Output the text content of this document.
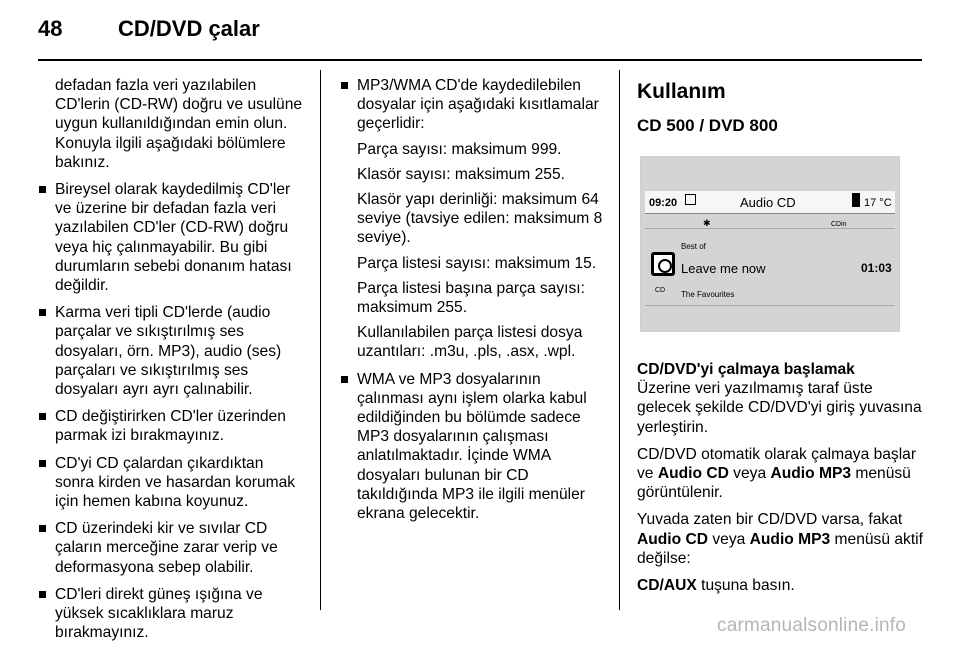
48	CD/DVD çalar

defadan fazla veri yazılabilen CD'lerin (CD-RW) doğru ve usulüne uygun kullanıldığından emin olun. Konuyla ilgili aşağıdaki bölümlere bakınız.

Bireysel olarak kaydedilmiş CD'ler ve üzerine bir defadan fazla veri yazılabilen CD'ler (CD-RW) doğru veya hiç çalınmayabilir. Bu gibi durumların sebebi donanım hatası değildir.
Karma veri tipli CD'lerde (audio parçalar ve sıkıştırılmış ses dosyaları, örn. MP3), audio (ses) parçaları ve sıkıştırılmış ses dosyaları ayrı ayrı çalınabilir.
CD değiştirirken CD'ler üzerinden parmak izi bırakmayınız.
CD'yi CD çalardan çıkardıktan sonra kirden ve hasardan korumak için hemen kabına koyunuz.
CD üzerindeki kir ve sıvılar CD çaların merceğine zarar verip ve deformasyona sebep olabilir.
CD'leri direkt güneş ışığına ve yüksek sıcaklıklara maruz bırakmayınız.

MP3/WMA CD'de kaydedilebilen dosyalar için aşağıdaki kısıtlamalar geçerlidir:

Parça sayısı: maksimum 999.

Klasör sayısı: maksimum 255.

Klasör yapı derinliği: maksimum 64 seviye (tavsiye edilen: maksimum 8 seviye).

Parça listesi sayısı: maksimum 15.

Parça listesi başına parça sayısı: maksimum 255.

Kullanılabilen parça listesi dosya uzantıları: .m3u, .pls, .asx, .wpl.

WMA ve MP3 dosyalarının çalınması aynı işlem olarka kabul edildiğinden bu bölümde sadece MP3 dosyalarının çalışması anlatılmaktadır. İçinde WMA dosyaları bulunan bir CD takıldığında MP3 ile ilgili menüler ekrana gelecektir.

Kullanım

CD 500 / DVD 800

09:20	Audio CD	17 °C
✱	CDin
Best of
CD
Leave me now	01:03
The Favourites

CD/DVD'yi çalmaya başlamak

Üzerine veri yazılmamış taraf üste gelecek şekilde CD/DVD'yi giriş yuvasına yerleştirin.

CD/DVD otomatik olarak çalmaya başlar ve Audio CD veya Audio MP3 menüsü görüntülenir.

Yuvada zaten bir CD/DVD varsa, fakat Audio CD veya Audio MP3 menüsü aktif değilse:

CD/AUX tuşuna basın.

carmanualsonline.info
